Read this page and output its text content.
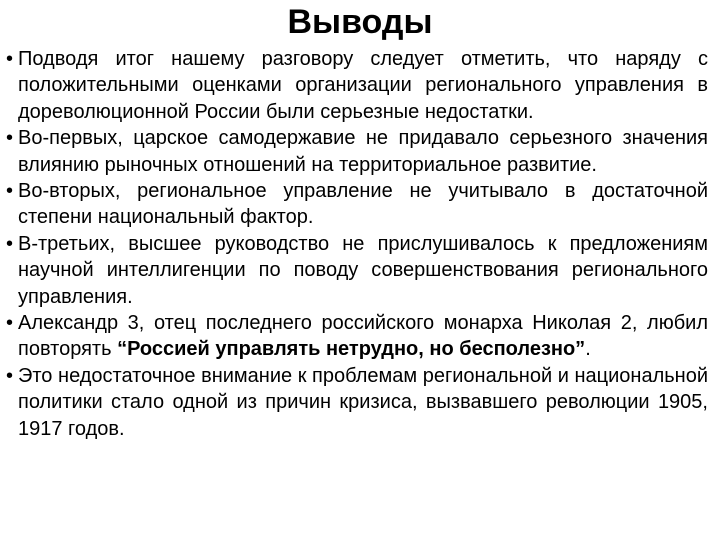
Выводы
• Подводя итог нашему разговору следует отметить, что наряду с положительными оценками организации регионального управления в дореволюционной России были серьезные недостатки.
• Во-первых, царское самодержавие не придавало серьезного значения влиянию рыночных отношений на территориальное развитие.
• Во-вторых, региональное управление не учитывало в достаточной степени национальный фактор.
• В-третьих, высшее руководство не прислушивалось к предложениям научной интеллигенции по поводу совершенствования регионального управления.
• Александр 3, отец последнего российского монарха Николая 2, любил повторять “Россией управлять нетрудно, но бесполезно”.
• Это недостаточное внимание к проблемам региональной и национальной политики стало одной из причин кризиса, вызвавшего революции 1905, 1917 годов.
